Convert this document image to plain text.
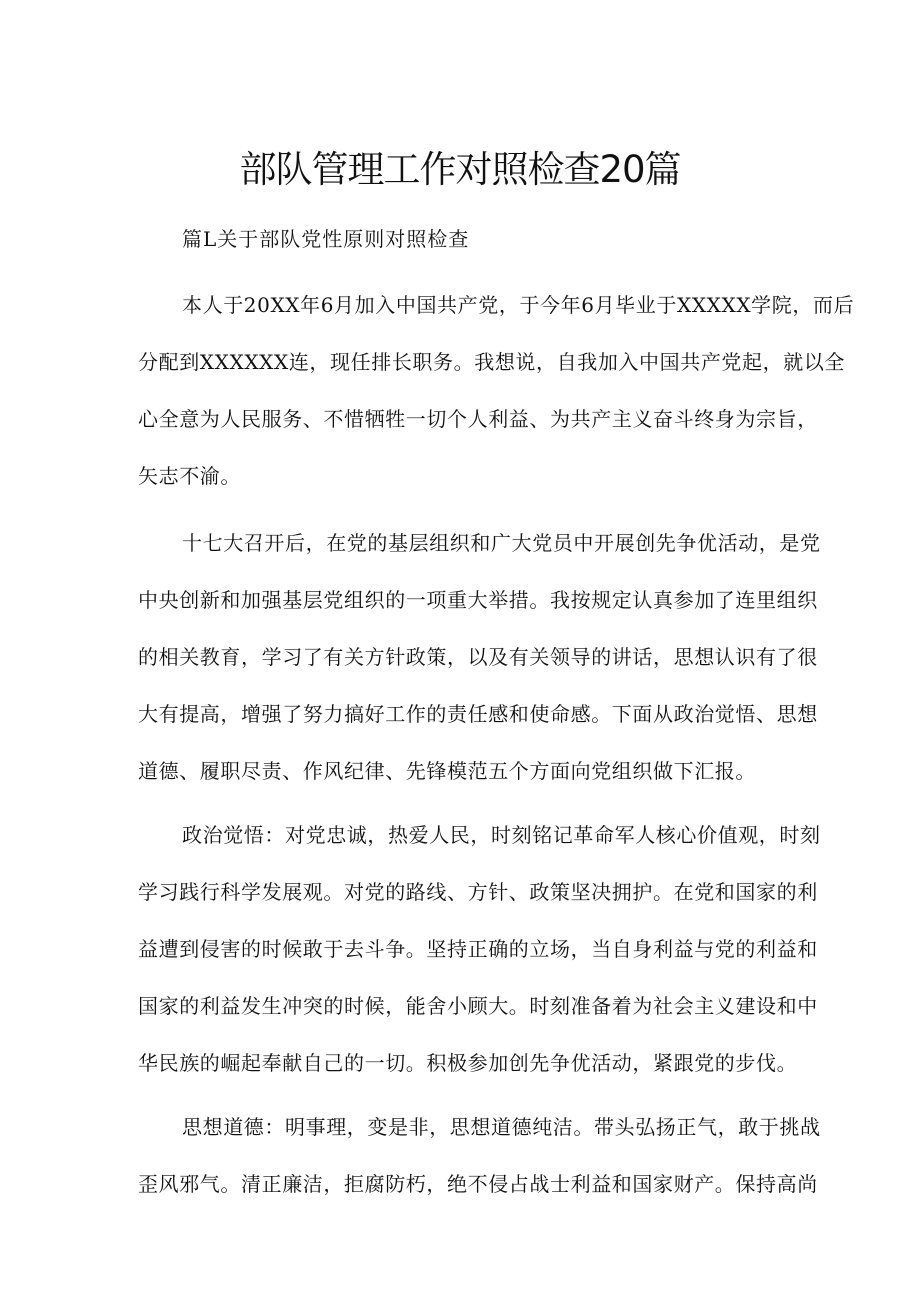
部队管理工作对照检查20篇
篇L关于部队党性原则对照检查

本人于20XX年6月加入中国共产党，于今年6月毕业于XXXXX学院，而后
分配到XXXXXX连，现任排长职务。我想说，自我加入中国共产党起，就以全
心全意为人民服务、不惜牺牲一切个人利益、为共产主义奋斗终身为宗旨，
矢志不渝。

十七大召开后，在党的基层组织和广大党员中开展创先争优活动，是党
中央创新和加强基层党组织的一项重大举措。我按规定认真参加了连里组织
的相关教育，学习了有关方针政策，以及有关领导的讲话，思想认识有了很
大有提高，增强了努力搞好工作的责任感和使命感。下面从政治觉悟、思想
道德、履职尽责、作风纪律、先锋模范五个方面向党组织做下汇报。

政治觉悟：对党忠诚，热爱人民，时刻铭记革命军人核心价值观，时刻
学习践行科学发展观。对党的路线、方针、政策坚决拥护。在党和国家的利
益遭到侵害的时候敢于去斗争。坚持正确的立场，当自身利益与党的利益和
国家的利益发生冲突的时候，能舍小顾大。时刻准备着为社会主义建设和中
华民族的崛起奉献自己的一切。积极参加创先争优活动，紧跟党的步伐。

思想道德：明事理，变是非，思想道德纯洁。带头弘扬正气，敢于挑战
歪风邪气。清正廉洁，拒腐防朽，绝不侵占战士利益和国家财产。保持高尚
